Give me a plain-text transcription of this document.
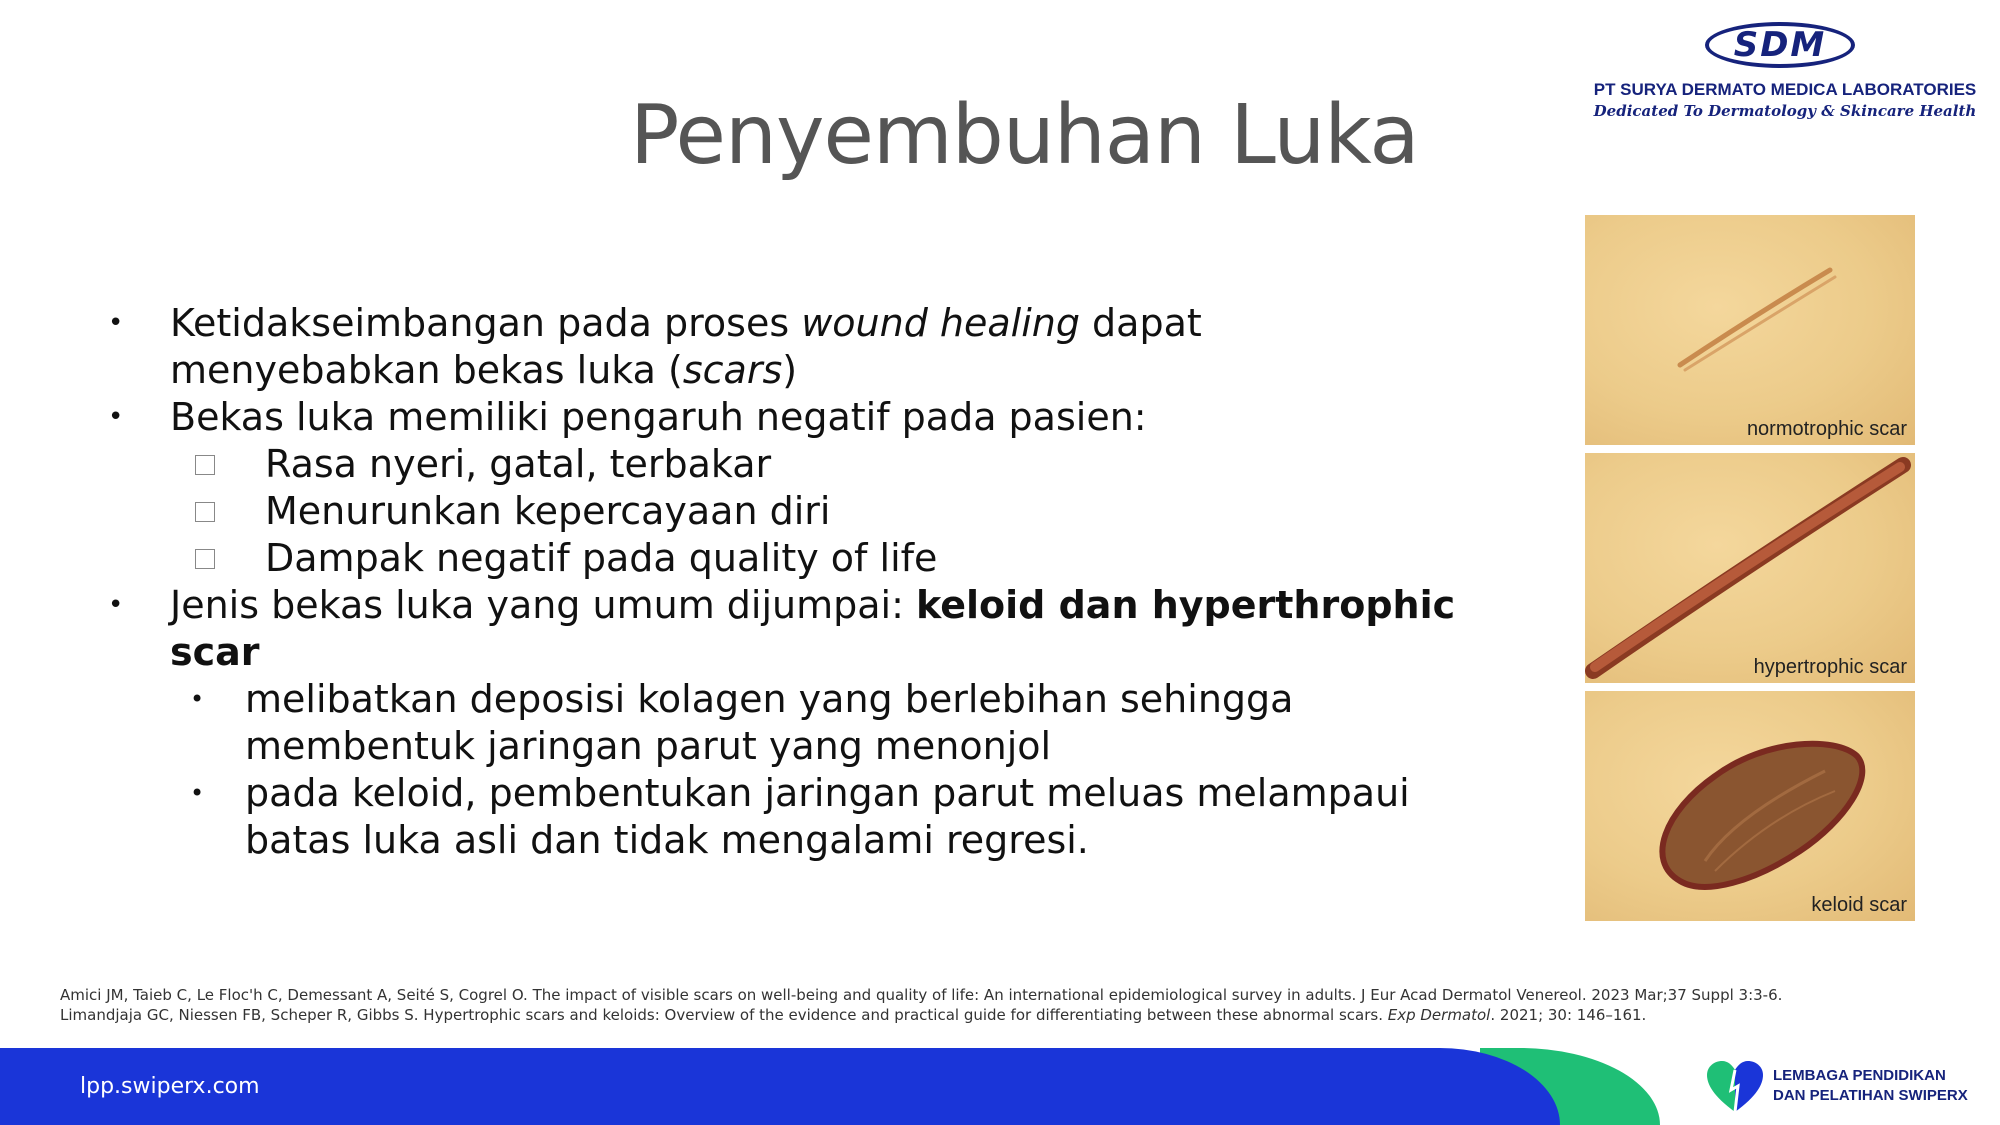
Penyembuhan Luka
SDM
PT SURYA DERMATO MEDICA LABORATORIES
Dedicated To Dermatology & Skincare Health
• Ketidakseimbangan pada proses wound healing dapat
menyebabkan bekas luka (scars)
• Bekas luka memiliki pengaruh negatif pada pasien:
Rasa nyeri, gatal, terbakar
Menurunkan kepercayaan diri
Dampak negatif pada quality of life
• Jenis bekas luka yang umum dijumpai: keloid dan hyperthrophic
scar
• melibatkan deposisi kolagen yang berlebihan sehingga
membentuk jaringan parut yang menonjol
• pada keloid, pembentukan jaringan parut meluas melampaui
batas luka asli dan tidak mengalami regresi.
normotrophic scar
hypertrophic scar
keloid scar
Amici JM, Taieb C, Le Floc'h C, Demessant A, Seité S, Cogrel O. The impact of visible scars on well-being and quality of life: An international epidemiological survey in adults. J Eur Acad Dermatol Venereol. 2023 Mar;37 Suppl 3:3-6.
Limandjaja GC, Niessen FB, Scheper R, Gibbs S. Hypertrophic scars and keloids: Overview of the evidence and practical guide for differentiating between these abnormal scars. Exp Dermatol. 2021; 30: 146–161.
lpp.swiperx.com	LEMBAGA PENDIDIKAN
DAN PELATIHAN SWIPERX
